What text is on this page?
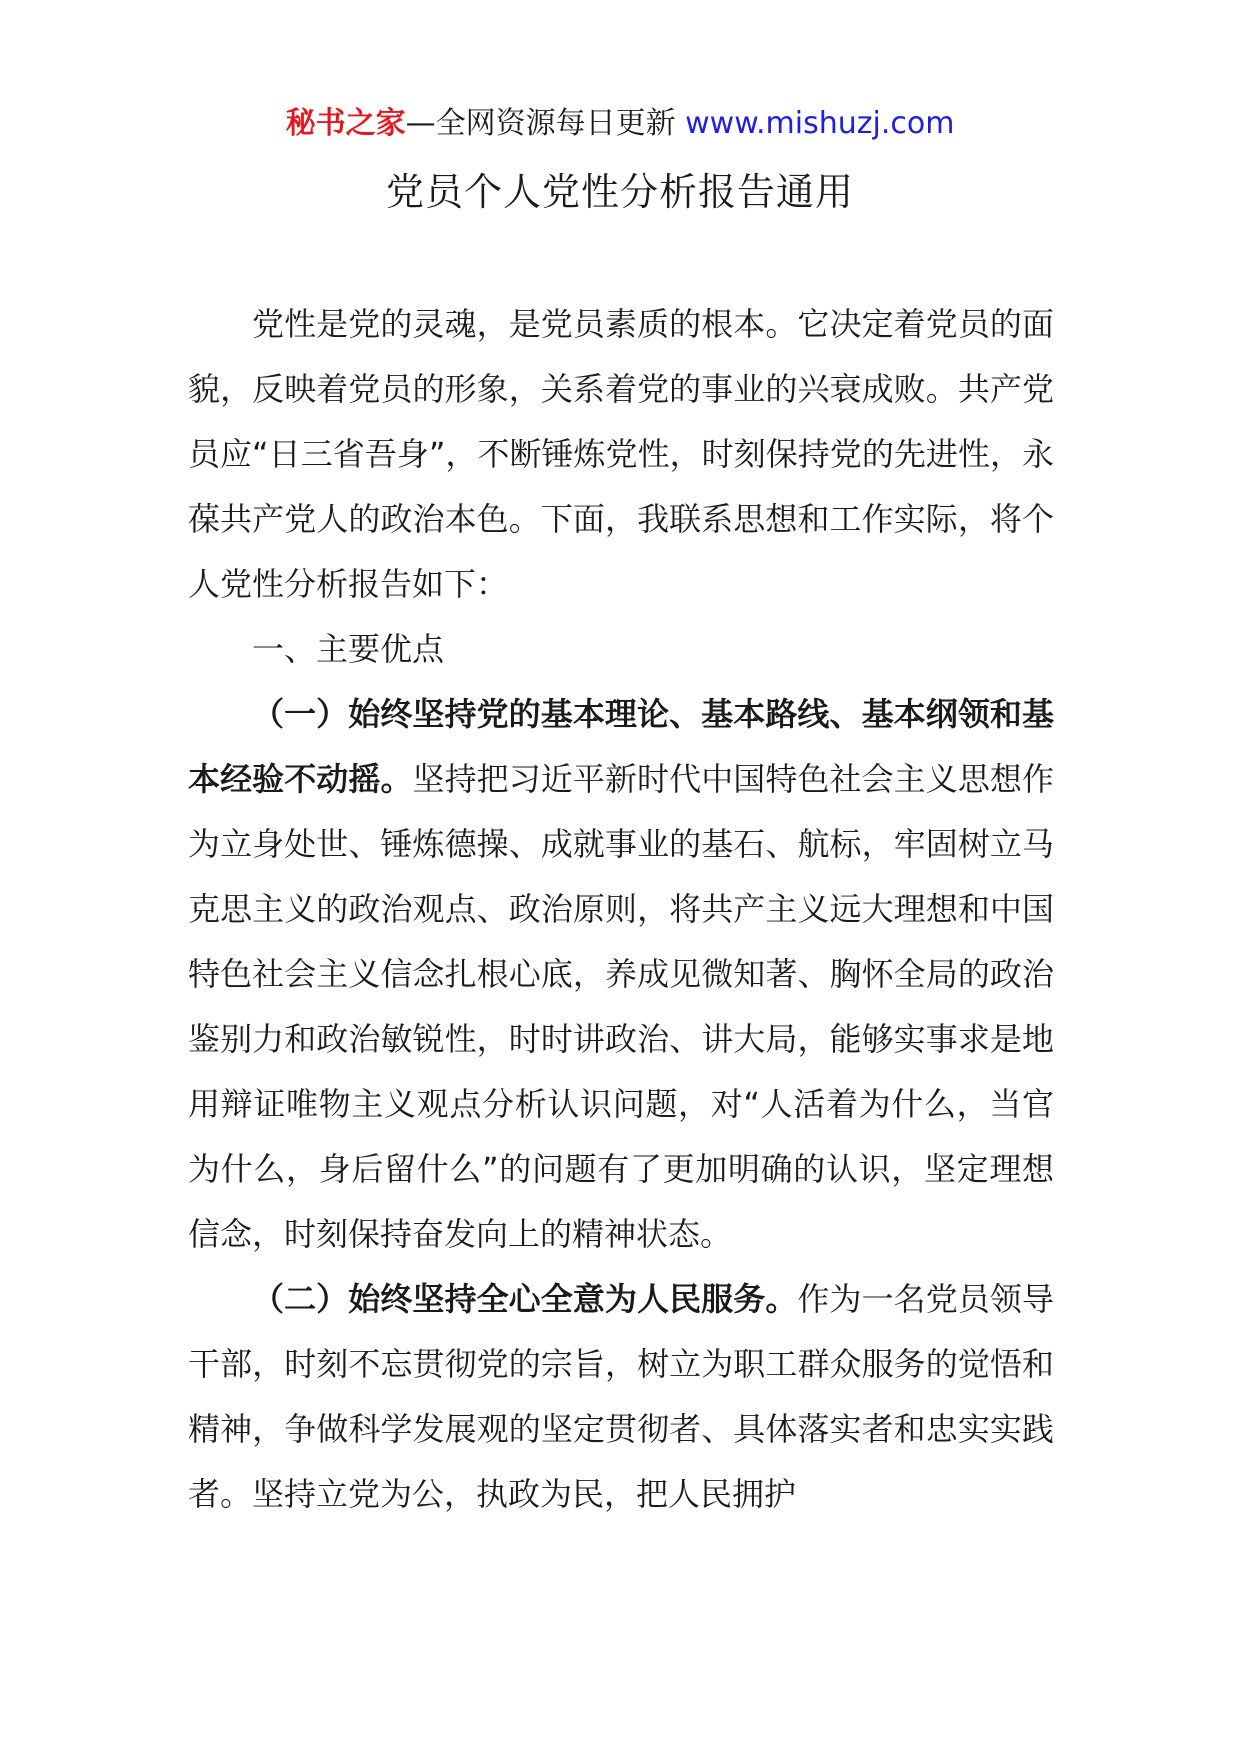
秘书之家—全网资源每日更新 www.mishuzj.com
党员个人党性分析报告通用

党性是党的灵魂，是党员素质的根本。它决定着党员的面貌，反映着党员的形象，关系着党的事业的兴衰成败。共产党员应“日三省吾身”，不断锤炼党性，时刻保持党的先进性，永葆共产党人的政治本色。下面，我联系思想和工作实际，将个人党性分析报告如下：

一、主要优点

（一）始终坚持党的基本理论、基本路线、基本纲领和基本经验不动摇。坚持把习近平新时代中国特色社会主义思想作为立身处世、锤炼德操、成就事业的基石、航标，牢固树立马克思主义的政治观点、政治原则，将共产主义远大理想和中国特色社会主义信念扎根心底，养成见微知著、胸怀全局的政治鉴别力和政治敏锐性，时时讲政治、讲大局，能够实事求是地用辩证唯物主义观点分析认识问题，对“人活着为什么，当官为什么，身后留什么”的问题有了更加明确的认识，坚定理想信念，时刻保持奋发向上的精神状态。

（二）始终坚持全心全意为人民服务。作为一名党员领导干部，时刻不忘贯彻党的宗旨，树立为职工群众服务的觉悟和精神，争做科学发展观的坚定贯彻者、具体落实者和忠实实践者。坚持立党为公，执政为民，把人民拥护
